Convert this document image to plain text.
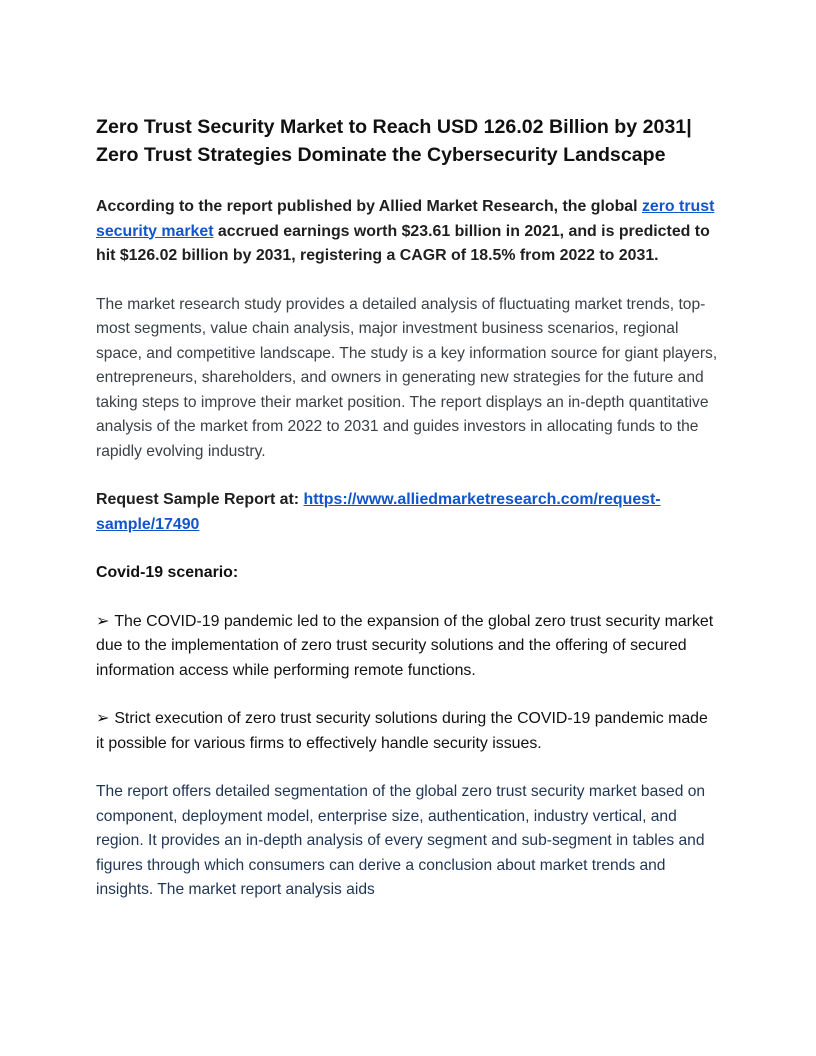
Zero Trust Security Market to Reach USD 126.02 Billion by 2031| Zero Trust Strategies Dominate the Cybersecurity Landscape

According to the report published by Allied Market Research, the global zero trust security market accrued earnings worth $23.61 billion in 2021, and is predicted to hit $126.02 billion by 2031, registering a CAGR of 18.5% from 2022 to 2031.

The market research study provides a detailed analysis of fluctuating market trends, top-most segments, value chain analysis, major investment business scenarios, regional space, and competitive landscape. The study is a key information source for giant players, entrepreneurs, shareholders, and owners in generating new strategies for the future and taking steps to improve their market position. The report displays an in-depth quantitative analysis of the market from 2022 to 2031 and guides investors in allocating funds to the rapidly evolving industry.

Request Sample Report at: https://www.alliedmarketresearch.com/request-sample/17490

Covid-19 scenario:

➢ The COVID-19 pandemic led to the expansion of the global zero trust security market due to the implementation of zero trust security solutions and the offering of secured information access while performing remote functions.

➢ Strict execution of zero trust security solutions during the COVID-19 pandemic made it possible for various firms to effectively handle security issues.

The report offers detailed segmentation of the global zero trust security market based on component, deployment model, enterprise size, authentication, industry vertical, and region. It provides an in-depth analysis of every segment and sub-segment in tables and figures through which consumers can derive a conclusion about market trends and insights. The market report analysis aids
